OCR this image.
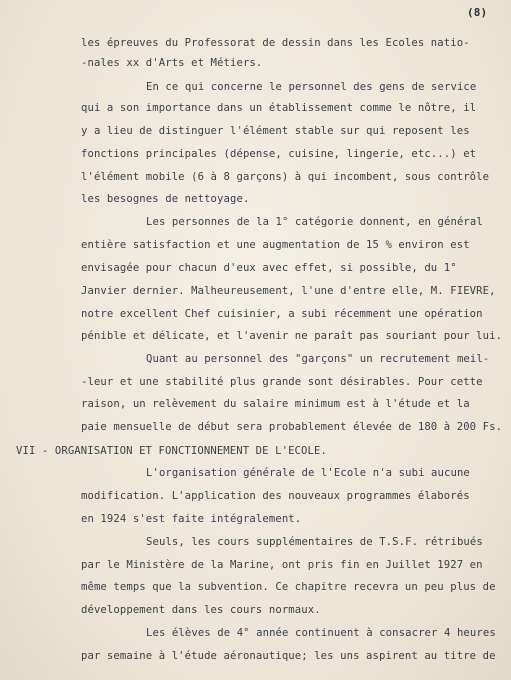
(8)
les épreuves du Professorat de dessin dans les Ecoles natio-
-nales xx d'Arts et Métiers.
En ce qui concerne le personnel des gens de service
qui a son importance dans un établissement comme le nôtre, il
y a lieu de distinguer l'élément stable sur qui reposent les
fonctions principales (dépense, cuisine, lingerie, etc...) et
l'élément mobile (6 à 8 garçons) à qui incombent, sous contrôle
les besognes de nettoyage.
Les personnes de la 1° catégorie donnent, en général
entière satisfaction et une augmentation de 15 % environ est
envisagée pour chacun d'eux avec effet, si possible, du 1°
Janvier dernier. Malheureusement, l'une d'entre elle, M. FIEVRE,
notre excellent Chef cuisinier, a subi récemment une opération
pénible et délicate, et l'avenir ne paraît pas souriant pour lui.
Quant au personnel des "garçons" un recrutement meil-
-leur et une stabilité plus grande sont désirables. Pour cette
raison, un relèvement du salaire minimum est à l'étude et la
paie mensuelle de début sera probablement élevée de 180 à 200 Fs.
VII - ORGANISATION ET FONCTIONNEMENT DE L'ECOLE.
L'organisation générale de l'Ecole n'a subi aucune
modification. L'application des nouveaux programmes élaborés
en 1924 s'est faite intégralement.
Seuls, les cours supplémentaires de T.S.F. rétribués
par le Ministère de la Marine, ont pris fin en Juillet 1927 en
même temps que la subvention. Ce chapitre recevra un peu plus de
développement dans les cours normaux.
Les élèves de 4° année continuent à consacrer 4 heures
par semaine à l'étude aéronautique; les uns aspirent au titre de
